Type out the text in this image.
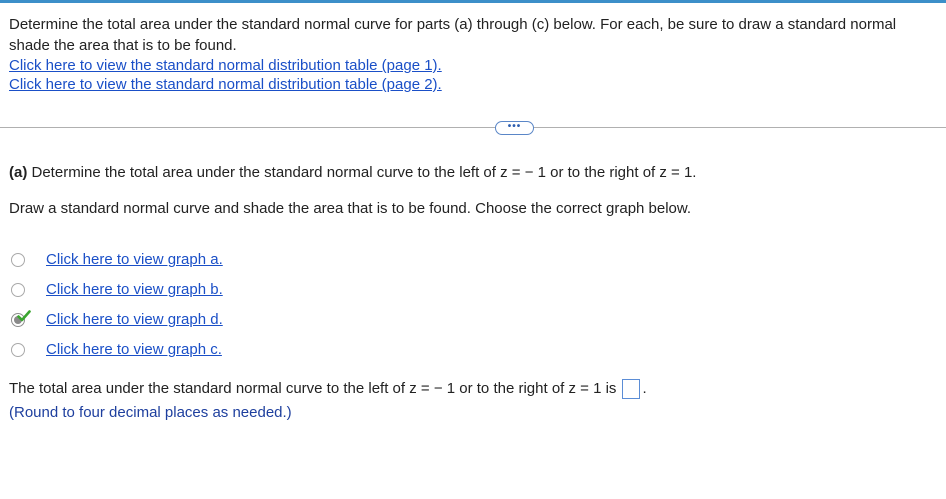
Determine the total area under the standard normal curve for parts (a) through (c) below. For each, be sure to draw a standard normal
shade the area that is to be found.
Click here to view the standard normal distribution table (page 1).
Click here to view the standard normal distribution table (page 2).
•••
(a) Determine the total area under the standard normal curve to the left of z = − 1 or to the right of z = 1.
Draw a standard normal curve and shade the area that is to be found. Choose the correct graph below.
Click here to view graph a.
Click here to view graph b.
Click here to view graph d.
Click here to view graph c.
The total area under the standard normal curve to the left of z = − 1 or to the right of z = 1 is .
(Round to four decimal places as needed.)
